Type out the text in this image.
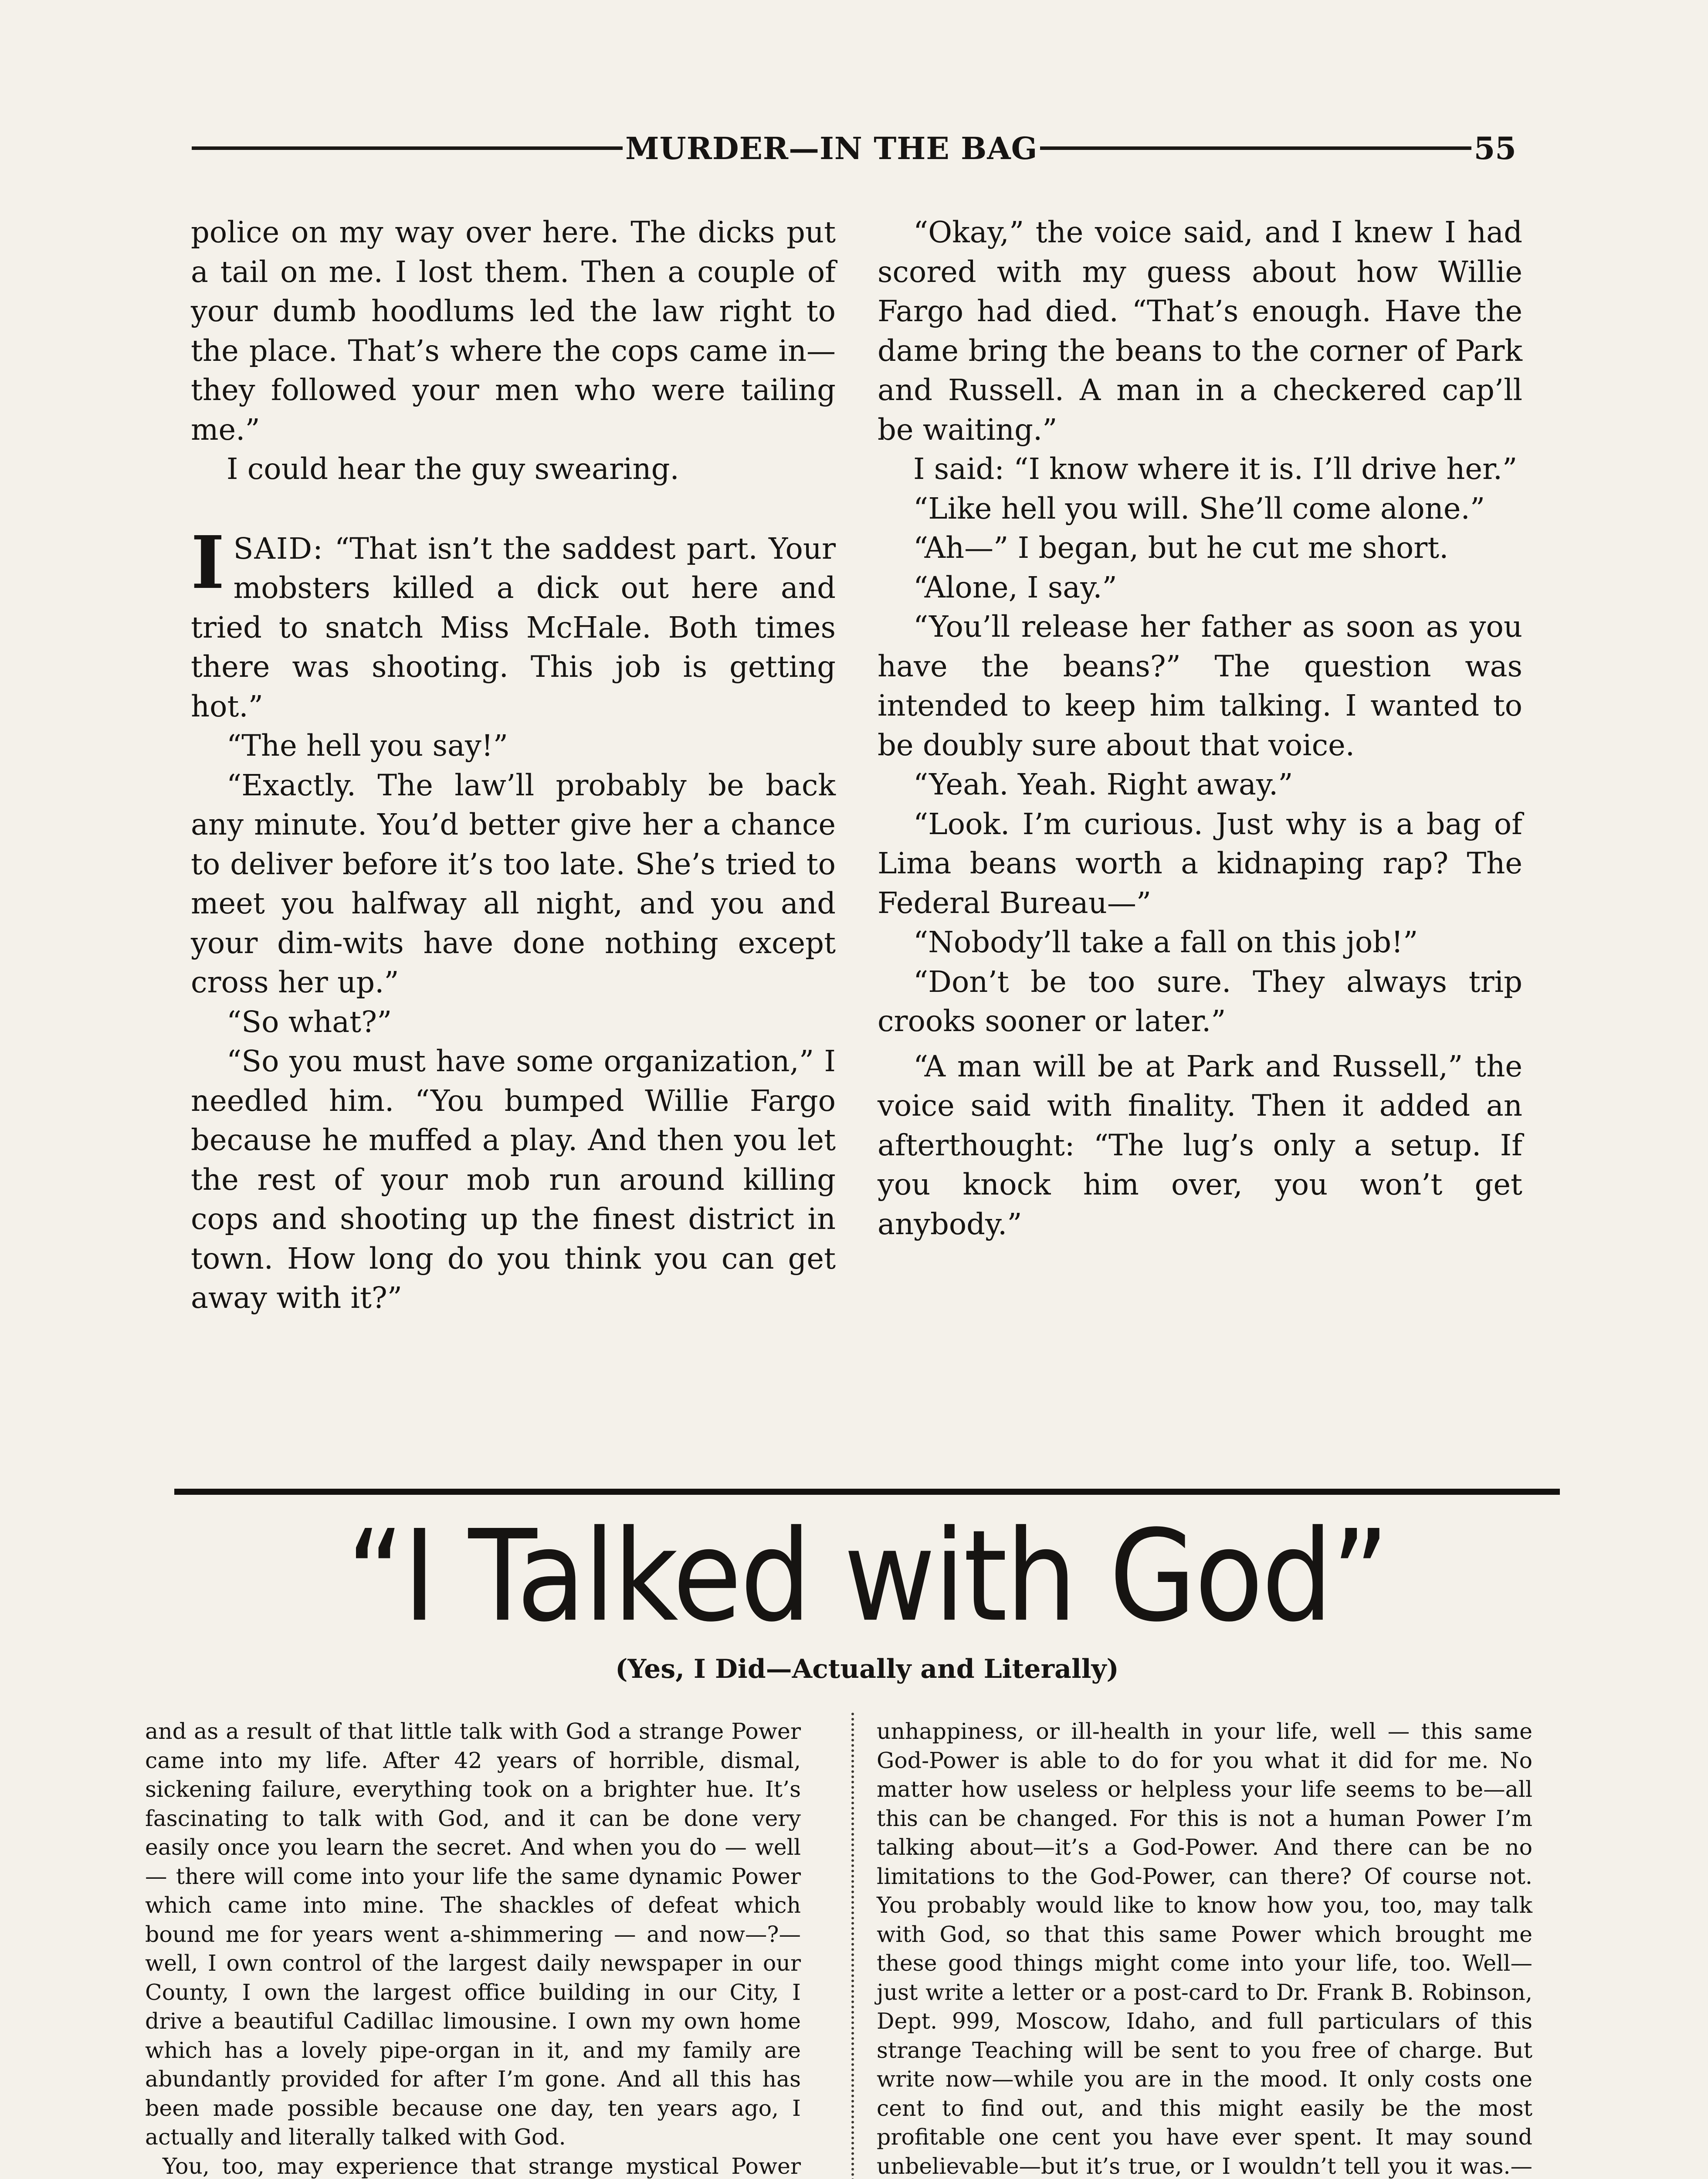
MURDER—IN THE BAG	55

police on my way over here. The dicks put a tail on me. I lost them. Then a couple of your dumb hoodlums led the law right to the place. That’s where the cops came in—they followed your men who were tailing me.”

I could hear the guy swearing.

ISAID: “That isn’t the saddest part. Your mobsters killed a dick out here and tried to snatch Miss McHale. Both times there was shooting. This job is getting hot.”

“The hell you say!”

“Exactly. The law’ll probably be back any minute. You’d better give her a chance to deliver before it’s too late. She’s tried to meet you halfway all night, and you and your dim-wits have done nothing except cross her up.”

“So what?”

“So you must have some organization,” I needled him. “You bumped Willie Fargo because he muffed a play. And then you let the rest of your mob run around killing cops and shooting up the finest district in town. How long do you think you can get away with it?”

“Okay,” the voice said, and I knew I had scored with my guess about how Willie Fargo had died. “That’s enough. Have the dame bring the beans to the corner of Park and Russell. A man in a checkered cap’ll be waiting.”

I said: “I know where it is. I’ll drive her.”

“Like hell you will. She’ll come alone.”

“Ah—” I began, but he cut me short.

“Alone, I say.”

“You’ll release her father as soon as you have the beans?” The question was intended to keep him talking. I wanted to be doubly sure about that voice.

“Yeah. Yeah. Right away.”

“Look. I’m curious. Just why is a bag of Lima beans worth a kidnaping rap? The Federal Bureau—”

“Nobody’ll take a fall on this job!”

“Don’t be too sure. They always trip crooks sooner or later.”

“A man will be at Park and Russell,” the voice said with finality. Then it added an afterthought: “The lug’s only a setup. If you knock him over, you won’t get anybody.”

“I Talked with God”
(Yes, I Did—Actually and Literally)

and as a result of that little talk with God a strange Power came into my life. After 42 years of horrible, dismal, sickening failure, everything took on a brighter hue. It’s fascinating to talk with God, and it can be done very easily once you learn the secret. And when you do — well — there will come into your life the same dynamic Power which came into mine. The shackles of defeat which bound me for years went a-shimmering — and now—?—well, I own control of the largest daily newspaper in our County, I own the largest office building in our City, I drive a beautiful Cadillac limousine. I own my own home which has a lovely pipe-organ in it, and my family are abundantly provided for after I’m gone. And all this has been made possible because one day, ten years ago, I actually and literally talked with God.

You, too, may experience that strange mystical Power

unhappiness, or ill-health in your life, well — this same God-Power is able to do for you what it did for me. No matter how useless or helpless your life seems to be—all this can be changed. For this is not a human Power I’m talking about—it’s a God-Power. And there can be no limitations to the God-Power, can there? Of course not. You probably would like to know how you, too, may talk with God, so that this same Power which brought me these good things might come into your life, too. Well—just write a letter or a post-card to Dr. Frank B. Robinson, Dept. 999, Moscow, Idaho, and full particulars of this strange Teaching will be sent to you free of charge. But write now—while you are in the mood. It only costs one cent to find out, and this might easily be the most profitable one cent you have ever spent. It may sound unbelievable—but it’s true, or I wouldn’t tell you it was.—
